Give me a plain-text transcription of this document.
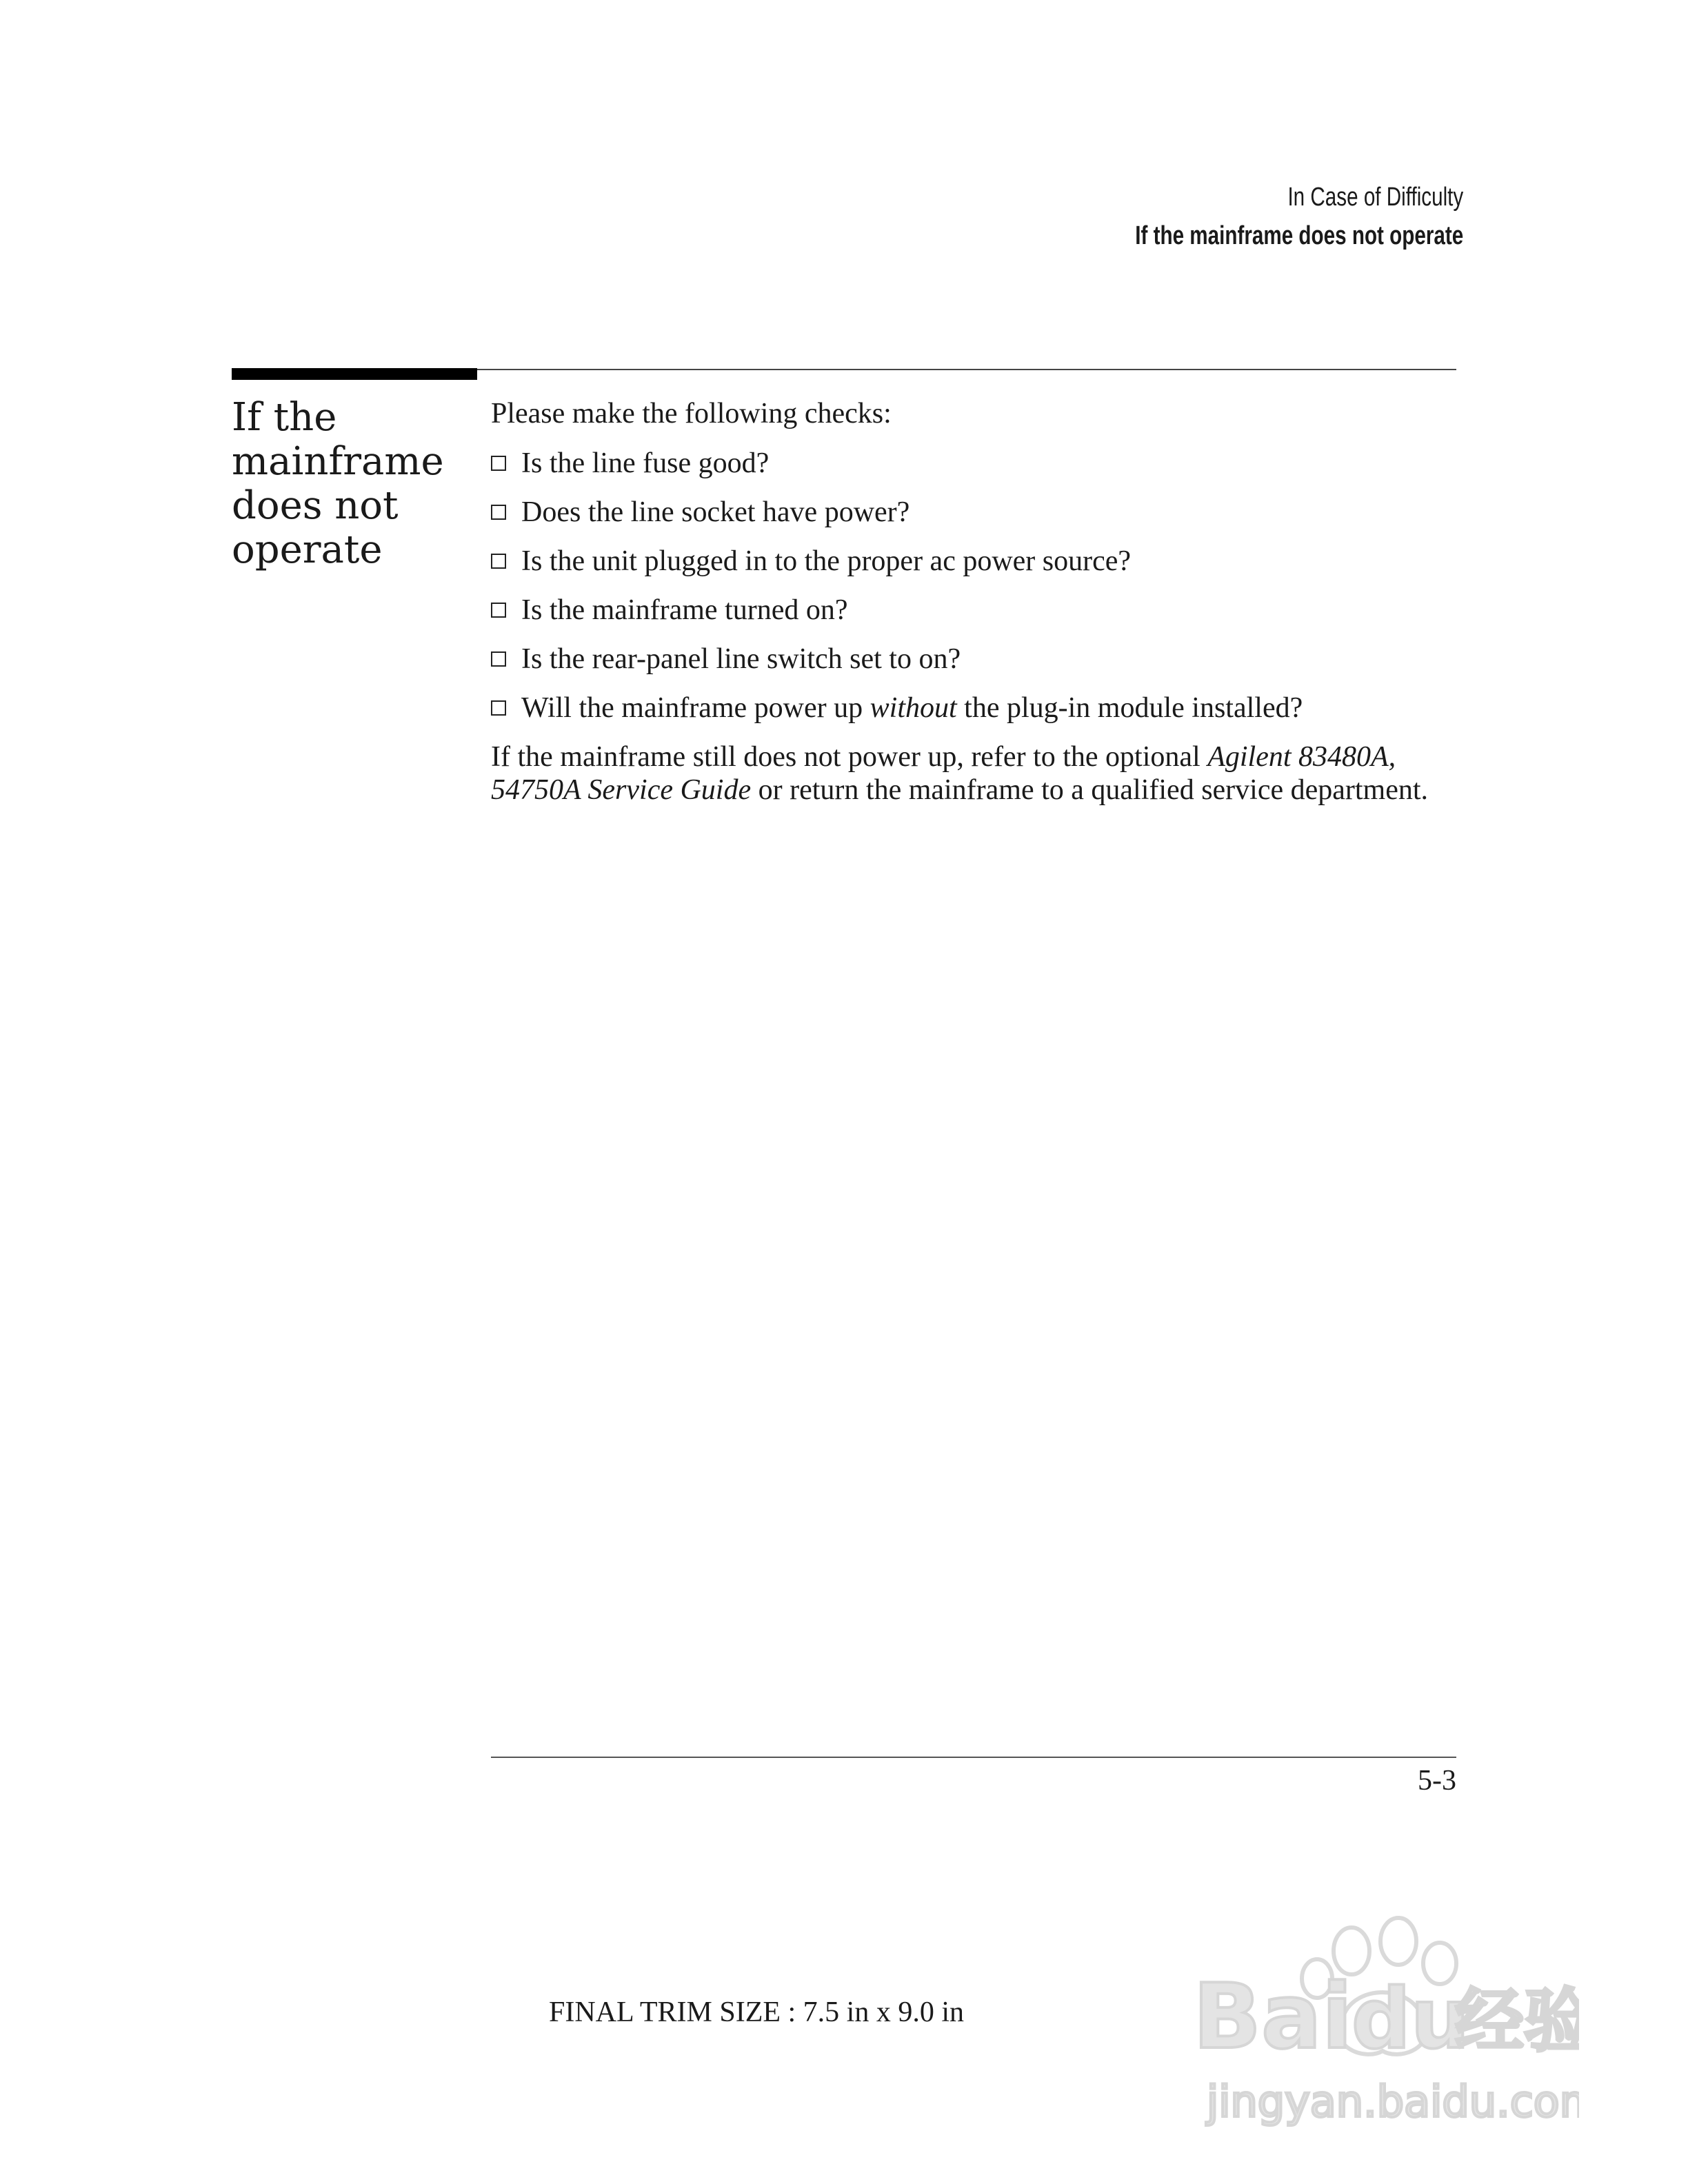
In Case of Difficulty
If the mainframe does not operate
If the
mainframe
does not
operate

Please make the following checks:

Is the line fuse good?
Does the line socket have power?
Is the unit plugged in to the proper ac power source?
Is the mainframe turned on?
Is the rear-panel line switch set to on?
Will the mainframe power up without the plug-in module installed?

If the mainframe still does not power up, refer to the optional Agilent 83480A, 54750A Service Guide or return the mainframe to a qualified service department.

5-3
FINAL TRIM SIZE : 7.5 in x 9.0 in	Bai
du
经验
jingyan.baidu.com
